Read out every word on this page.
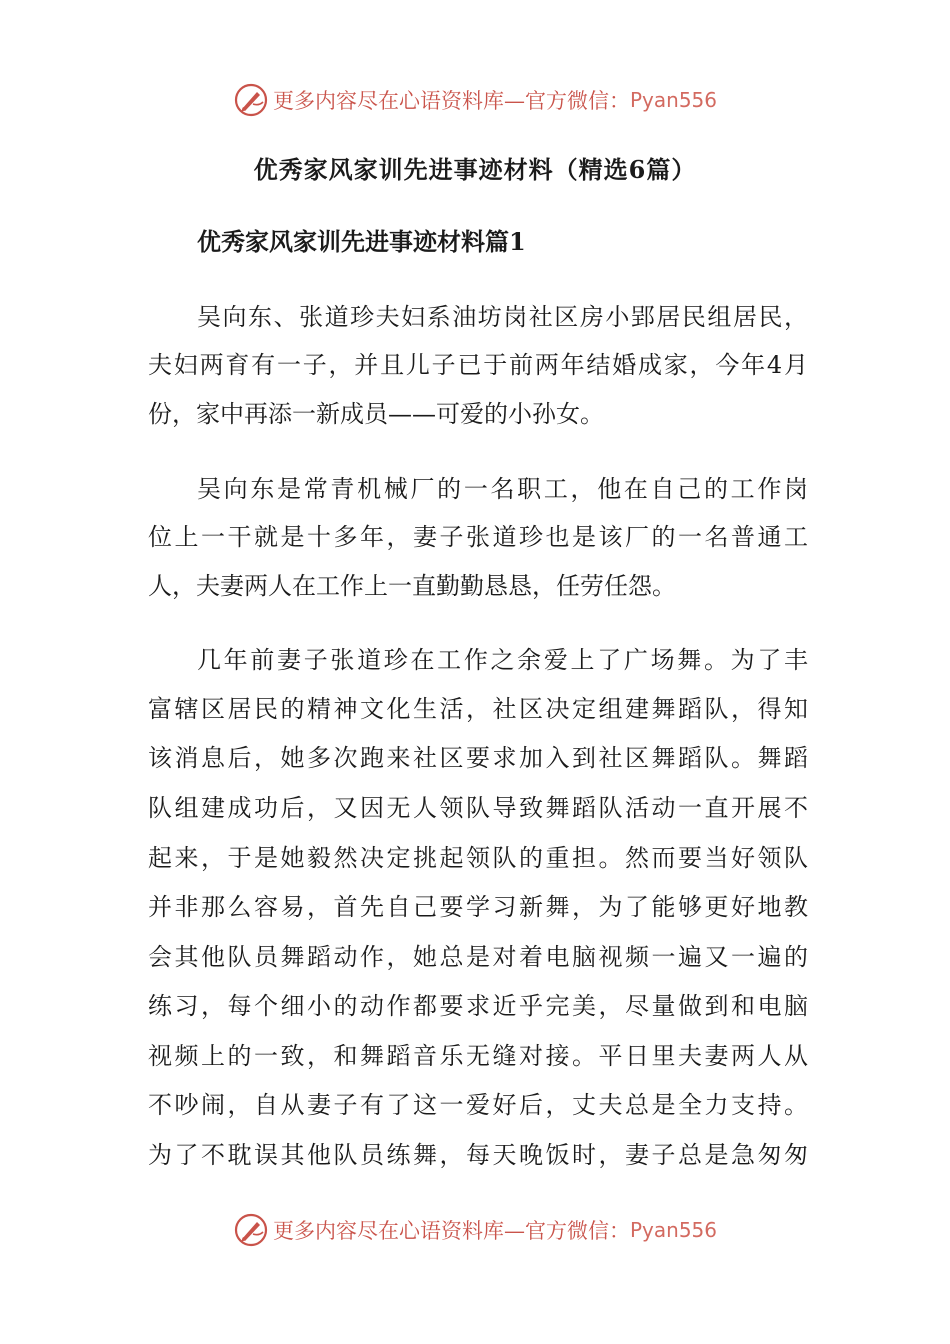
更多内容尽在心语资料库—官方微信： Pyan556
优秀家风家训先进事迹材料（精选6篇）
优秀家风家训先进事迹材料篇1
吴向东、张道珍夫妇系油坊岗社区房小郢居民组居民，
夫妇两育有一子，并且儿子已于前两年结婚成家，今年4月
份，家中再添一新成员——可爱的小孙女。
吴向东是常青机械厂的一名职工，他在自己的工作岗
位上一干就是十多年，妻子张道珍也是该厂的一名普通工
人，夫妻两人在工作上一直勤勤恳恳，任劳任怨。
几年前妻子张道珍在工作之余爱上了广场舞。为了丰
富辖区居民的精神文化生活，社区决定组建舞蹈队，得知
该消息后，她多次跑来社区要求加入到社区舞蹈队。舞蹈
队组建成功后，又因无人领队导致舞蹈队活动一直开展不
起来，于是她毅然决定挑起领队的重担。然而要当好领队
并非那么容易，首先自己要学习新舞，为了能够更好地教
会其他队员舞蹈动作，她总是对着电脑视频一遍又一遍的
练习，每个细小的动作都要求近乎完美，尽量做到和电脑
视频上的一致，和舞蹈音乐无缝对接。平日里夫妻两人从
不吵闹，自从妻子有了这一爱好后，丈夫总是全力支持。
为了不耽误其他队员练舞，每天晚饭时，妻子总是急匆匆
更多内容尽在心语资料库—官方微信： Pyan556
